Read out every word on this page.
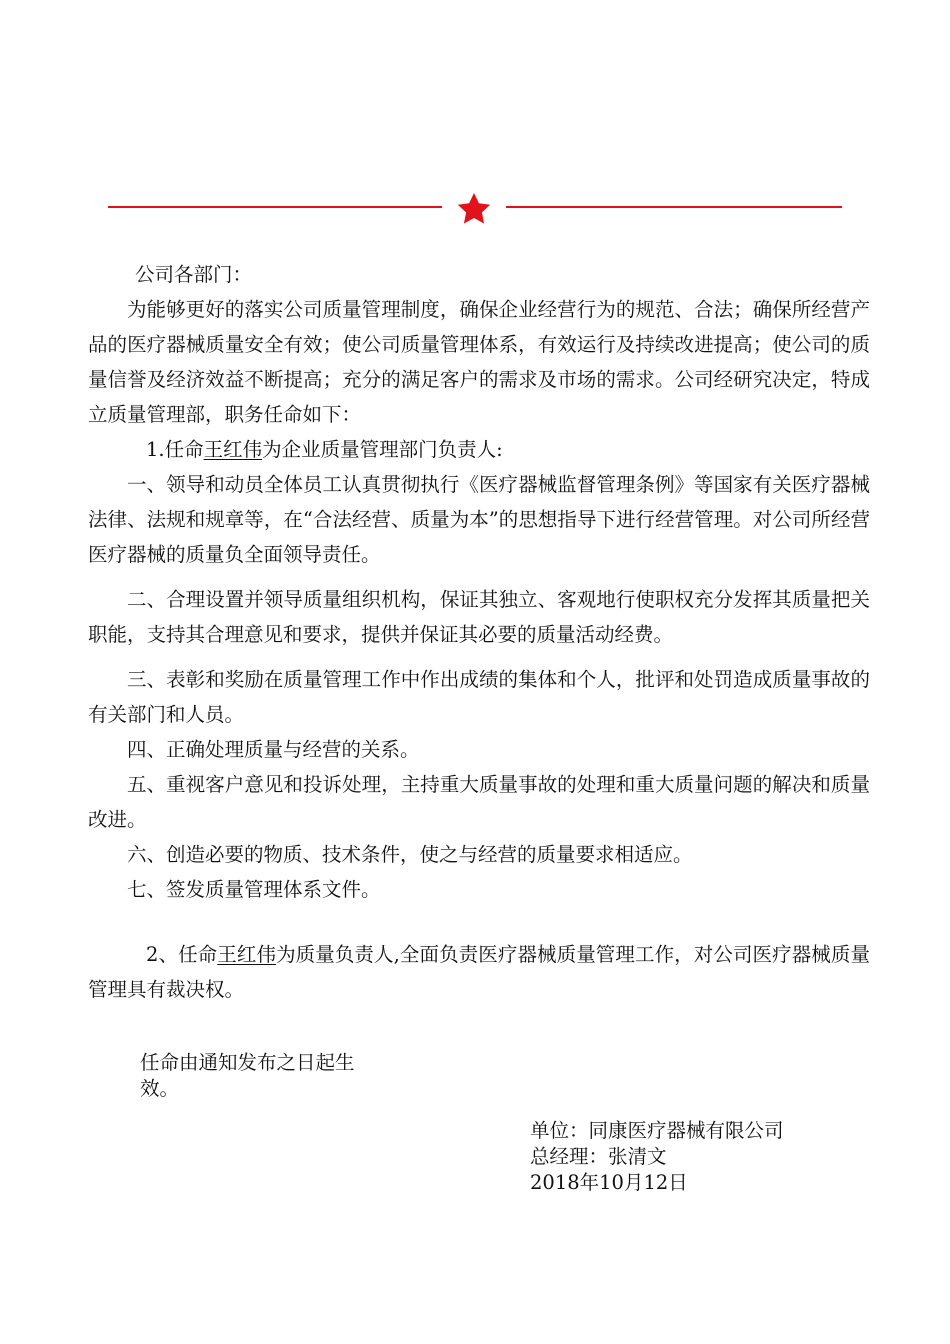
公司各部门：

为能够更好的落实公司质量管理制度，确保企业经营行为的规范、合法；确保所经营产品的医疗器械质量安全有效；使公司质量管理体系，有效运行及持续改进提高；使公司的质量信誉及经济效益不断提高；充分的满足客户的需求及市场的需求。公司经研究决定，特成立质量管理部，职务任命如下：

1.任命王红伟为企业质量管理部门负责人:

一、领导和动员全体员工认真贯彻执行《医疗器械监督管理条例》等国家有关医疗器械法律、法规和规章等，在“合法经营、质量为本”的思想指导下进行经营管理。对公司所经营医疗器械的质量负全面领导责任。

二、合理设置并领导质量组织机构，保证其独立、客观地行使职权充分发挥其质量把关职能，支持其合理意见和要求，提供并保证其必要的质量活动经费。

三、表彰和奖励在质量管理工作中作出成绩的集体和个人，批评和处罚造成质量事故的有关部门和人员。

四、正确处理质量与经营的关系。

五、重视客户意见和投诉处理，主持重大质量事故的处理和重大质量问题的解决和质量改进。

六、创造必要的物质、技术条件，使之与经营的质量要求相适应。

七、签发质量管理体系文件。

2、任命王红伟为质量负责人,全面负责医疗器械质量管理工作，对公司医疗器械质量管理具有裁决权。

任命由通知发布之日起生效。

单位：同康医疗器械有限公司
总经理：张清文
2018年10月12日
